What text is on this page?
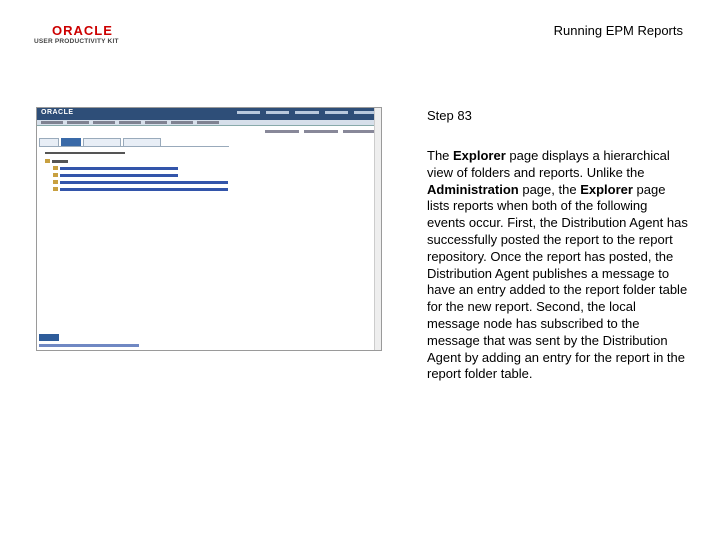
ORACLE
USER PRODUCTIVITY KIT
Running EPM Reports
ORACLE	Step 83
The Explorer page displays a hierarchical view of folders and reports. Unlike the Administration page, the Explorer page lists reports when both of the following events occur. First, the Distribution Agent has successfully posted the report to the report repository. Once the report has posted, the Distribution Agent publishes a message to have an entry added to the report folder table for the new report. Second, the local message node has subscribed to the message that was sent by the Distribution Agent by adding an entry for the report in the report folder table.
